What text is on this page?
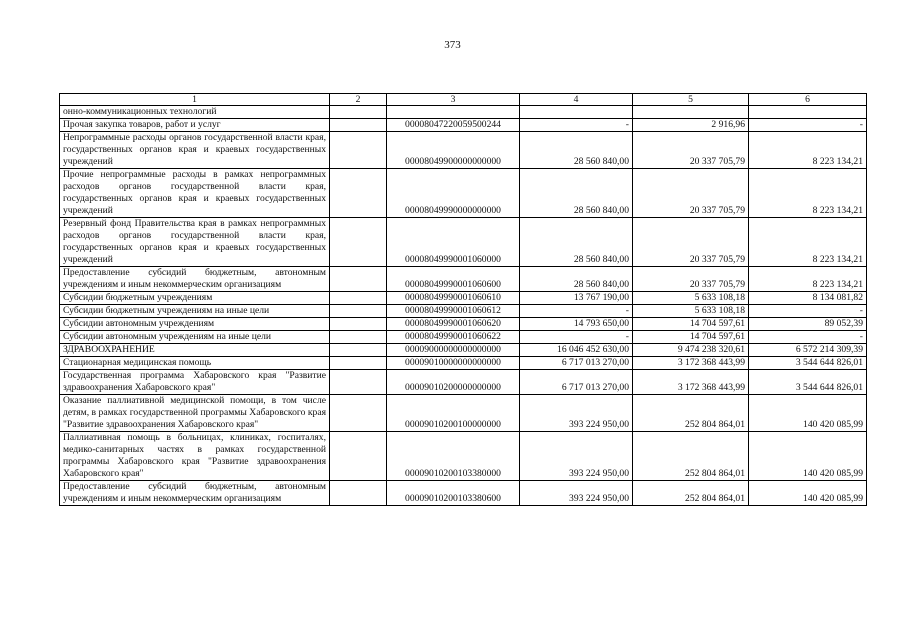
373
1	2	3	4	5	6
онно-коммуникационных технологий					
Прочая закупка товаров, работ и услуг		00008047220059500244	-	2 916,96	-
Непрограммные расходы органов государственной власти края, государственных органов края и краевых государственных учреждений		00008049900000000000	28 560 840,00	20 337 705,79	8 223 134,21
Прочие непрограммные расходы в рамках непрограммных расходов органов государственной власти края, государственных органов края и краевых государственных учреждений		00008049990000000000	28 560 840,00	20 337 705,79	8 223 134,21
Резервный фонд Правительства края в рамках непрограммных расходов органов государственной власти края, государственных органов края и краевых государственных учреждений		00008049990001060000	28 560 840,00	20 337 705,79	8 223 134,21
Предоставление субсидий бюджетным, автономным учреждениям и иным некоммерческим организациям		00008049990001060600	28 560 840,00	20 337 705,79	8 223 134,21
Субсидии бюджетным учреждениям		00008049990001060610	13 767 190,00	5 633 108,18	8 134 081,82
Субсидии бюджетным учреждениям на иные цели		00008049990001060612	-	5 633 108,18	-
Субсидии автономным учреждениям		00008049990001060620	14 793 650,00	14 704 597,61	89 052,39
Субсидии автономным учреждениям на иные цели		00008049990001060622	-	14 704 597,61	-
ЗДРАВООХРАНЕНИЕ		00009000000000000000	16 046 452 630,00	9 474 238 320,61	6 572 214 309,39
Стационарная медицинская помощь		00009010000000000000	6 717 013 270,00	3 172 368 443,99	3 544 644 826,01
Государственная программа Хабаровского края "Развитие здравоохранения Хабаровского края"		00009010200000000000	6 717 013 270,00	3 172 368 443,99	3 544 644 826,01
Оказание паллиативной медицинской помощи, в том числе детям, в рамках государственной программы Хабаровского края "Развитие здравоохранения Хабаровского края"		00009010200100000000	393 224 950,00	252 804 864,01	140 420 085,99
Паллиативная помощь в больницах, клиниках, госпиталях, медико-санитарных частях в рамках государственной программы Хабаровского края "Развитие здравоохранения Хабаровского края"		00009010200103380000	393 224 950,00	252 804 864,01	140 420 085,99
Предоставление субсидий бюджетным, автономным учреждениям и иным некоммерческим организациям		00009010200103380600	393 224 950,00	252 804 864,01	140 420 085,99
